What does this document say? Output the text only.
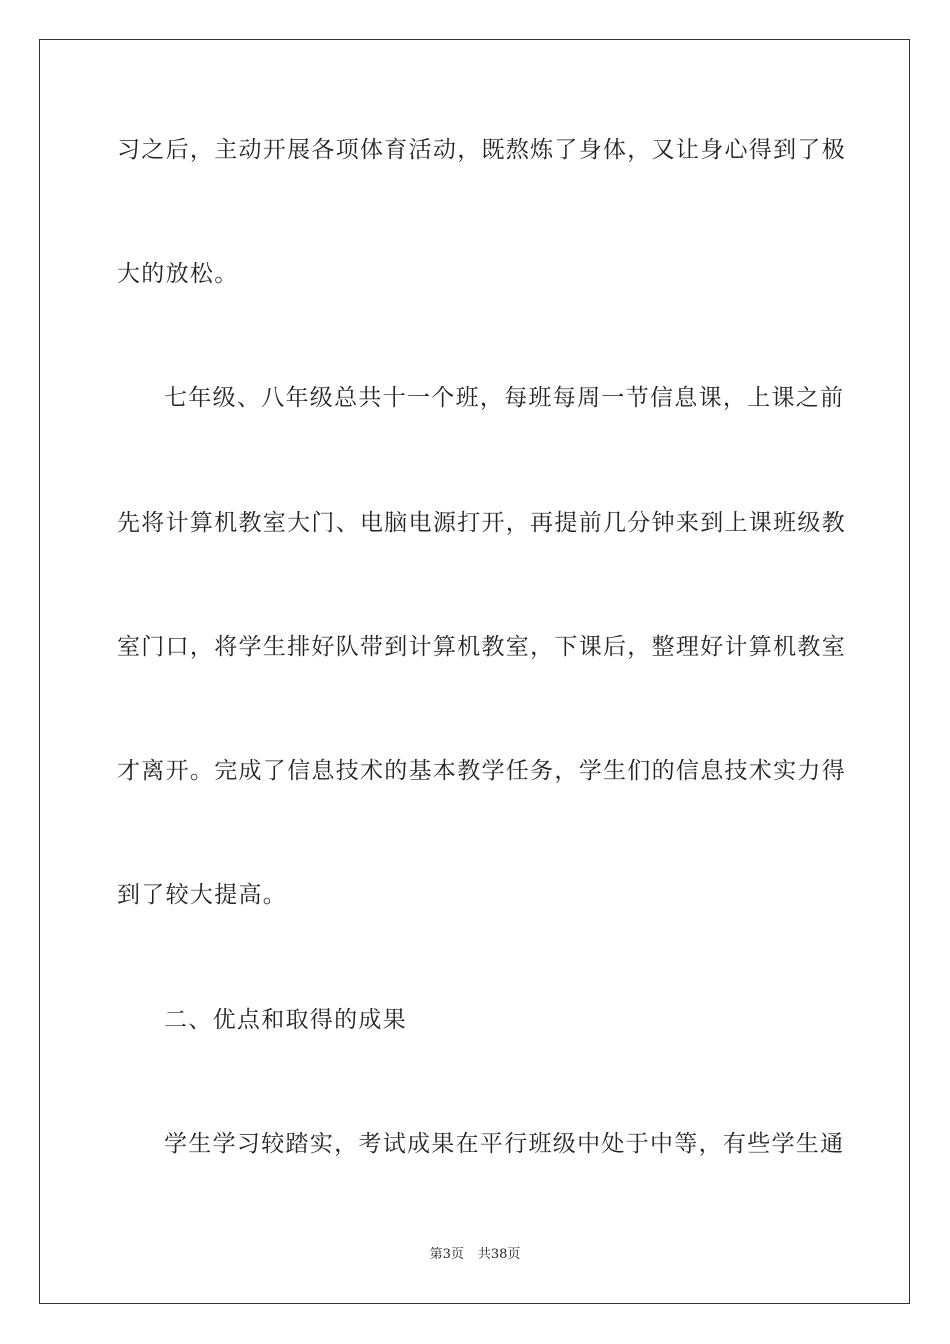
习之后，主动开展各项体育活动，既熬炼了身体，又让身心得到了极
大的放松。
七年级、八年级总共十一个班，每班每周一节信息课，上课之前
先将计算机教室大门、电脑电源打开，再提前几分钟来到上课班级教
室门口，将学生排好队带到计算机教室，下课后，整理好计算机教室
才离开。完成了信息技术的基本教学任务，学生们的信息技术实力得
到了较大提高。
二、优点和取得的成果
学生学习较踏实，考试成果在平行班级中处于中等，有些学生通
第3页 共38页
